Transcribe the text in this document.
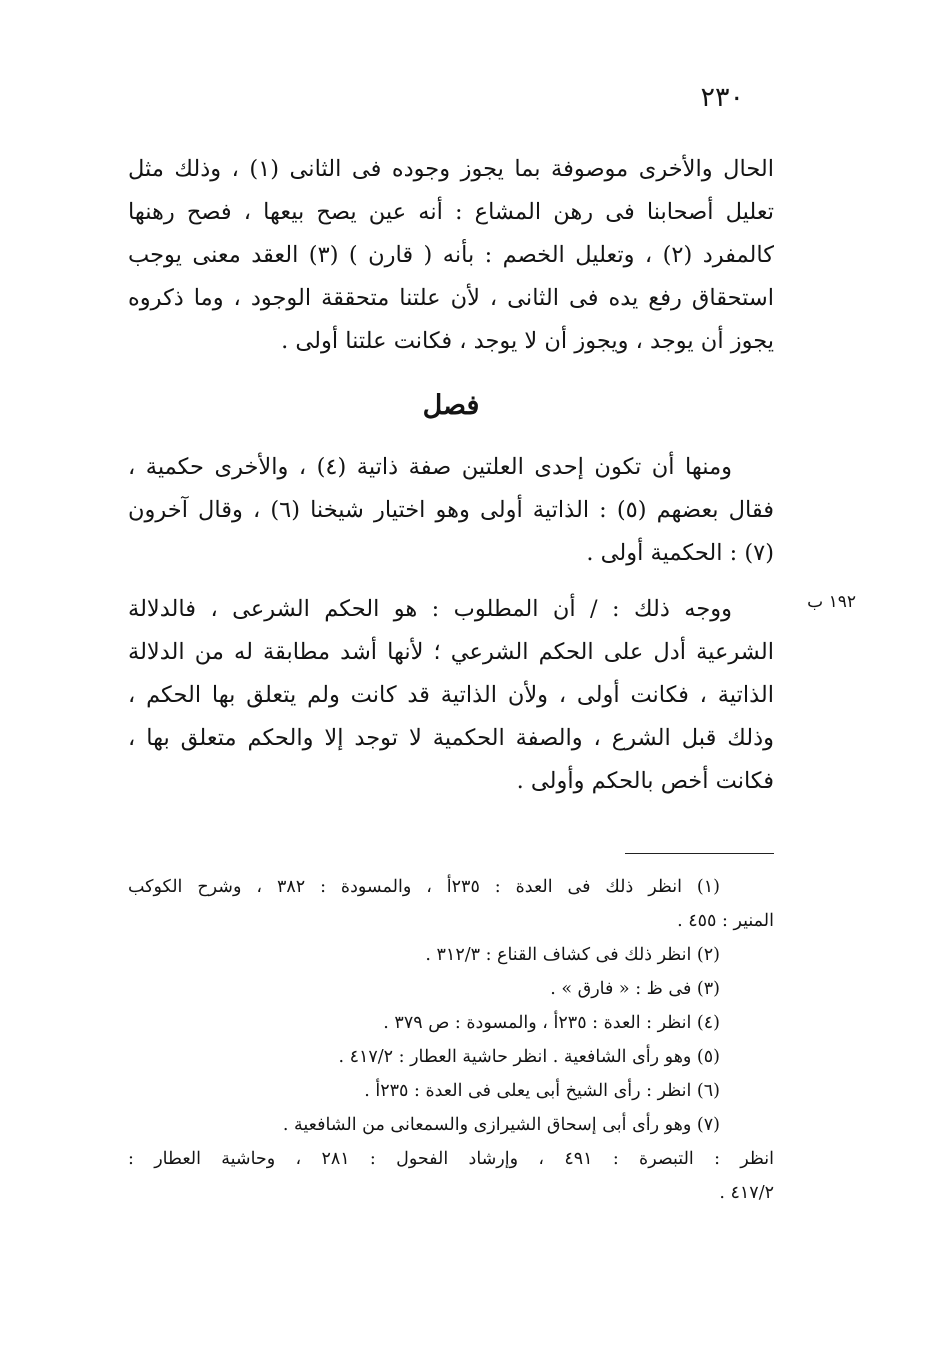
٢٣٠

الحال والأخرى موصوفة بما يجوز وجوده فى الثانى (١) ، وذلك مثل تعليل أصحابنا فى رهن المشاع : أنه عين يصح بيعها ، فصح رهنها كالمفرد (٢) ، وتعليل الخصم : بأنه ( قارن ) (٣) العقد معنى يوجب استحقاق رفع يده فى الثانى ، لأن علتنا متحققة الوجود ، وما ذكروه يجوز أن يوجد ، ويجوز أن لا يوجد ، فكانت علتنا أولى .

فصل

ومنها أن تكون إحدى العلتين صفة ذاتية (٤) ، والأخرى حكمية ، فقال بعضهم (٥) : الذاتية أولى وهو اختيار شيخنا (٦) ، وقال آخرون (٧) : الحكمية أولى .

١٩٢ ب

ووجه ذلك : / أن المطلوب : هو الحكم الشرعى ، فالدلالة الشرعية أدل على الحكم الشرعي ؛ لأنها أشد مطابقة له من الدلالة الذاتية ، فكانت أولى ، ولأن الذاتية قد كانت ولم يتعلق بها الحكم ، وذلك قبل الشرع ، والصفة الحكمية لا توجد إلا والحكم متعلق بها ، فكانت أخص بالحكم وأولى .

(١) انظر ذلك فى العدة : ٢٣٥أ ، والمسودة : ٣٨٢ ، وشرح الكوكب

المنير : ٤٥٥ .

(٢) انظر ذلك فى كشاف القناع : ٣١٢/٣ .

(٣) فى ظ : « فارق » .

(٤) انظر : العدة : ٢٣٥أ ، والمسودة : ص ٣٧٩ .

(٥) وهو رأى الشافعية . انظر حاشية العطار : ٤١٧/٢ .

(٦) انظر : رأى الشيخ أبى يعلى فى العدة : ٢٣٥أ .

(٧) وهو رأى أبى إسحاق الشيرازى والسمعانى من الشافعية .

انظر : التبصرة : ٤٩١ ، وإرشاد الفحول : ٢٨١ ، وحاشية العطار :

٤١٧/٢ .
